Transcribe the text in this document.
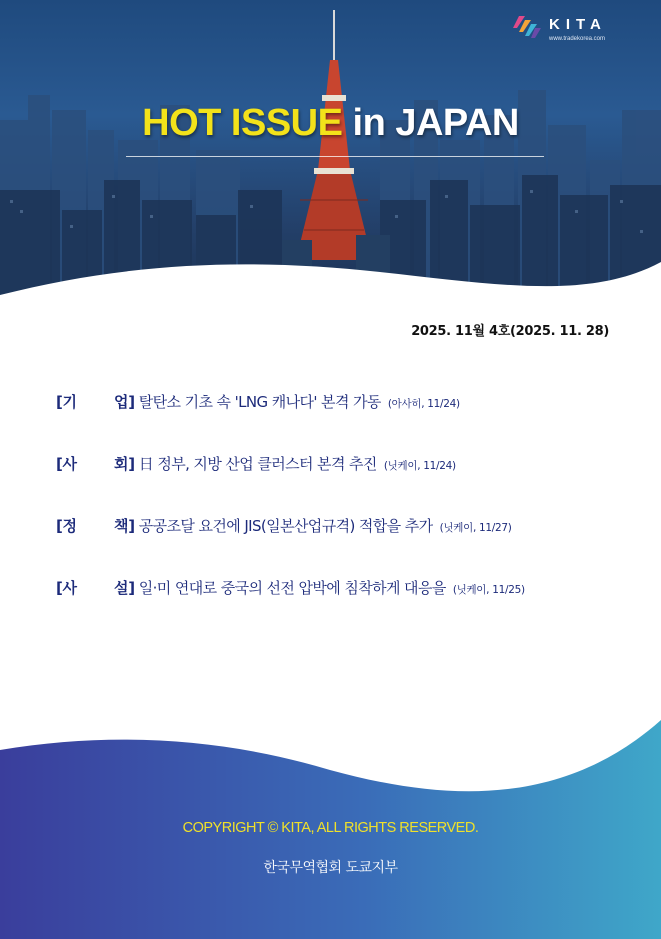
KITA
www.tradekorea.com
HOT ISSUE in JAPAN
2025. 11월 4호(2025. 11. 28)
[기 업] 탈탄소 기초 속 'LNG 캐나다' 본격 가동 (아사히, 11/24)
[사 회] 日 정부, 지방 산업 클러스터 본격 추진 (닛케이, 11/24)
[정 책] 공공조달 요건에 JIS(일본산업규격) 적합을 추가 (닛케이, 11/27)
[사 설] 일·미 연대로 중국의 선전 압박에 침착하게 대응을 (닛케이, 11/25)
COPYRIGHT © KITA, ALL RIGHTS RESERVED.
한국무역협회 도쿄지부
